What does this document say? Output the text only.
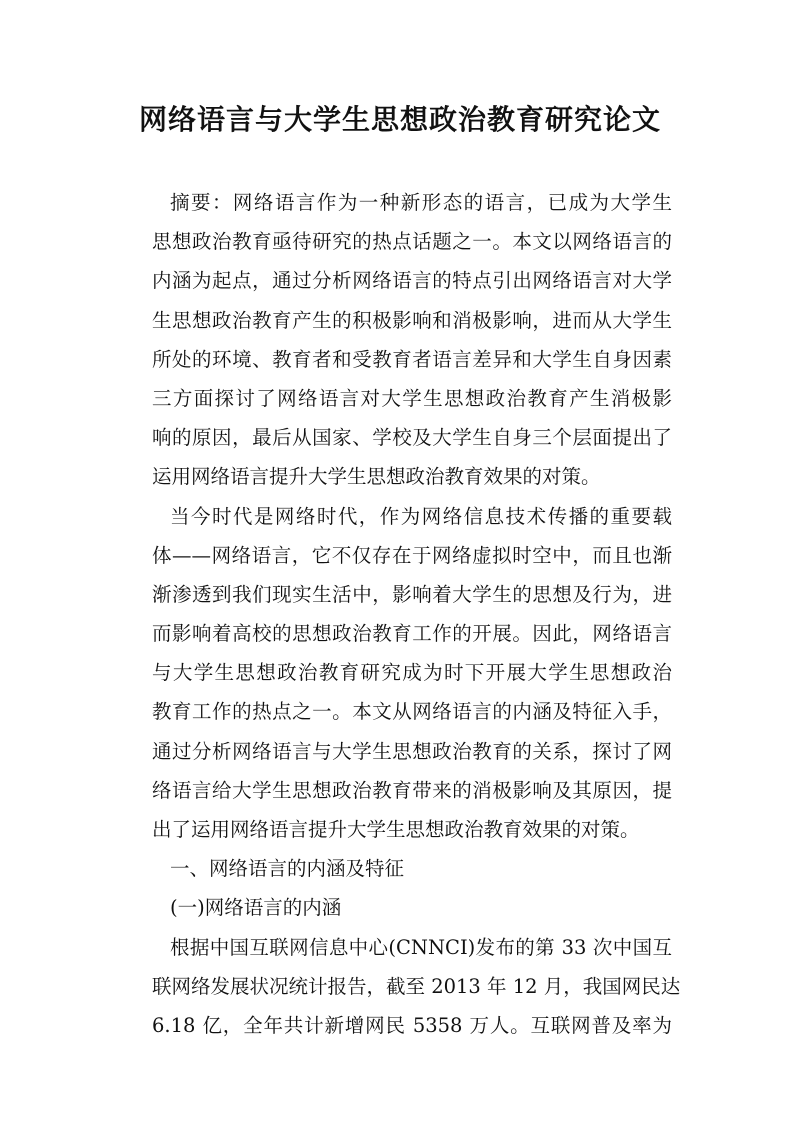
网络语言与大学生思想政治教育研究论文
摘要：网络语言作为一种新形态的语言，已成为大学生
思想政治教育亟待研究的热点话题之一。本文以网络语言的
内涵为起点，通过分析网络语言的特点引出网络语言对大学
生思想政治教育产生的积极影响和消极影响，进而从大学生
所处的环境、教育者和受教育者语言差异和大学生自身因素
三方面探讨了网络语言对大学生思想政治教育产生消极影
响的原因，最后从国家、学校及大学生自身三个层面提出了
运用网络语言提升大学生思想政治教育效果的对策。
当今时代是网络时代，作为网络信息技术传播的重要载
体——网络语言，它不仅存在于网络虚拟时空中，而且也渐
渐渗透到我们现实生活中，影响着大学生的思想及行为，进
而影响着高校的思想政治教育工作的开展。因此，网络语言
与大学生思想政治教育研究成为时下开展大学生思想政治
教育工作的热点之一。本文从网络语言的内涵及特征入手，
通过分析网络语言与大学生思想政治教育的关系，探讨了网
络语言给大学生思想政治教育带来的消极影响及其原因，提
出了运用网络语言提升大学生思想政治教育效果的对策。
一、网络语言的内涵及特征
(一)网络语言的内涵
根据中国互联网信息中心(CNNCI)发布的第 33 次中国互
联网络发展状况统计报告，截至 2013 年 12 月，我国网民达
6.18 亿，全年共计新增网民 5358 万人。互联网普及率为
